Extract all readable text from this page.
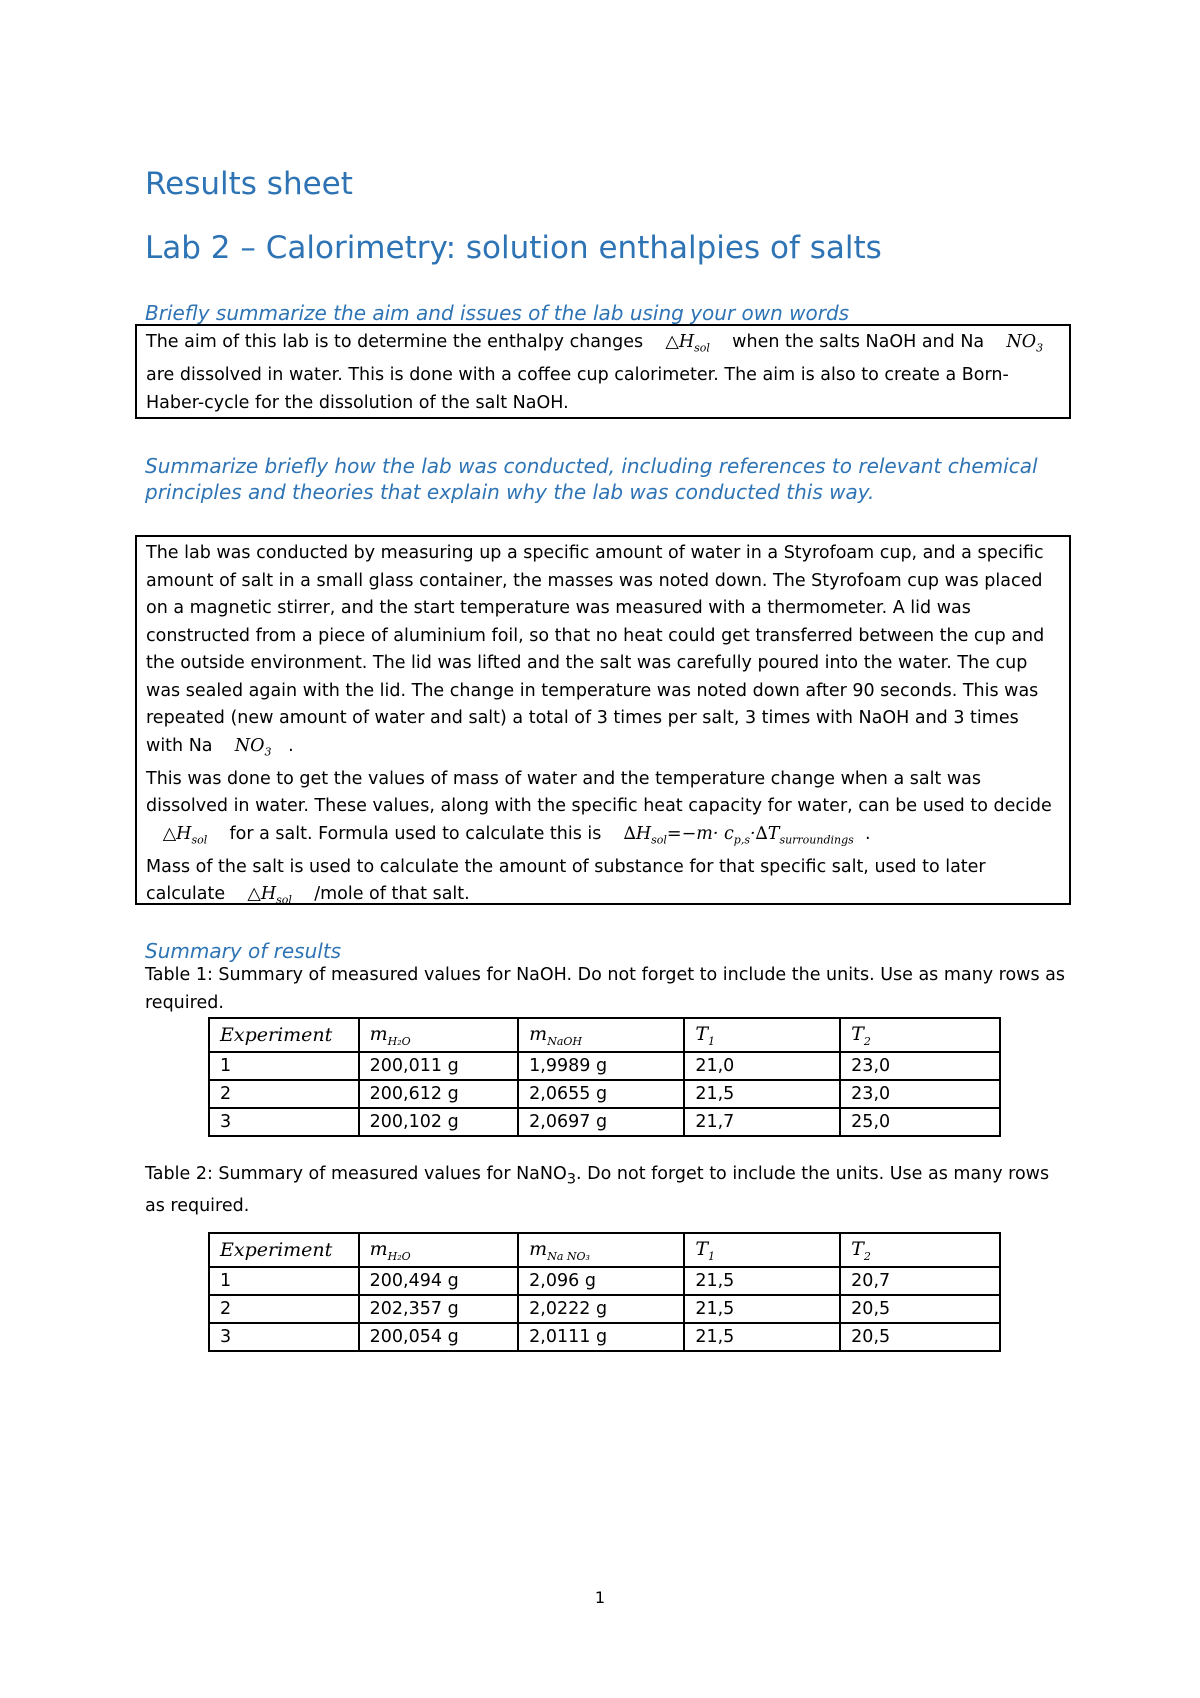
Results sheet
Lab 2 – Calorimetry: solution enthalpies of salts
Briefly summarize the aim and issues of the lab using your own words

The aim of this lab is to determine the enthalpy changes $\triangle H_{sol}$ when the salts NaOH and Na $NO_3$   are dissolved in water. This is done with a coffee cup calorimeter. The aim is also to create a Born-Haber-cycle for the dissolution of the salt NaOH.

Summarize briefly how the lab was conducted, including references to relevant chemical principles and theories that explain why the lab was conducted this way.

The lab was conducted by measuring up a specific amount of water in a Styrofoam cup, and a specific amount of salt in a small glass container, the masses was noted down. The Styrofoam cup was placed on a magnetic stirrer, and the start temperature was measured with a thermometer. A lid was constructed from a piece of aluminium foil, so that no heat could get transferred between the cup and the outside environment. The lid was lifted and the salt was carefully poured into the water. The cup was sealed again with the lid. The change in temperature was noted down after 90 seconds. This was repeated (new amount of water and salt) a total of 3 times per salt, 3 times with NaOH and 3 times with Na $NO_3$ .

This was done to get the values of mass of water and the temperature change when a salt was dissolved in water. These values, along with the specific heat capacity for water, can be used to decide    $\triangle H_{sol}$ for a salt. Formula used to calculate this is $\Delta H_{sol}=-m\cdot c_{p,s}\cdot\Delta T_{surroundings}$ .

Mass of the salt is used to calculate the amount of substance for that specific salt, used to later calculate $\triangle H_{sol}$ /mole of that salt.

Summary of results

Table 1: Summary of measured values for NaOH. Do not forget to include the units. Use as many rows as required.

Experiment	$m_{H_2O}$	$m_{NaOH}$	$T_1$	$T_2$
1	200,011 g	1,9989 g	21,0	23,0
2	200,612 g	2,0655 g	21,5	23,0
3	200,102 g	2,0697 g	21,7	25,0

Table 2: Summary of measured values for NaNO$_3$. Do not forget to include the units. Use as many rows as required.

Experiment	$m_{H_2O}$	$m_{Na NO_3}$	$T_1$	$T_2$
1	200,494 g	2,096 g	21,5	20,7
2	202,357 g	2,0222 g	21,5	20,5
3	200,054 g	2,0111 g	21,5	20,5
1
